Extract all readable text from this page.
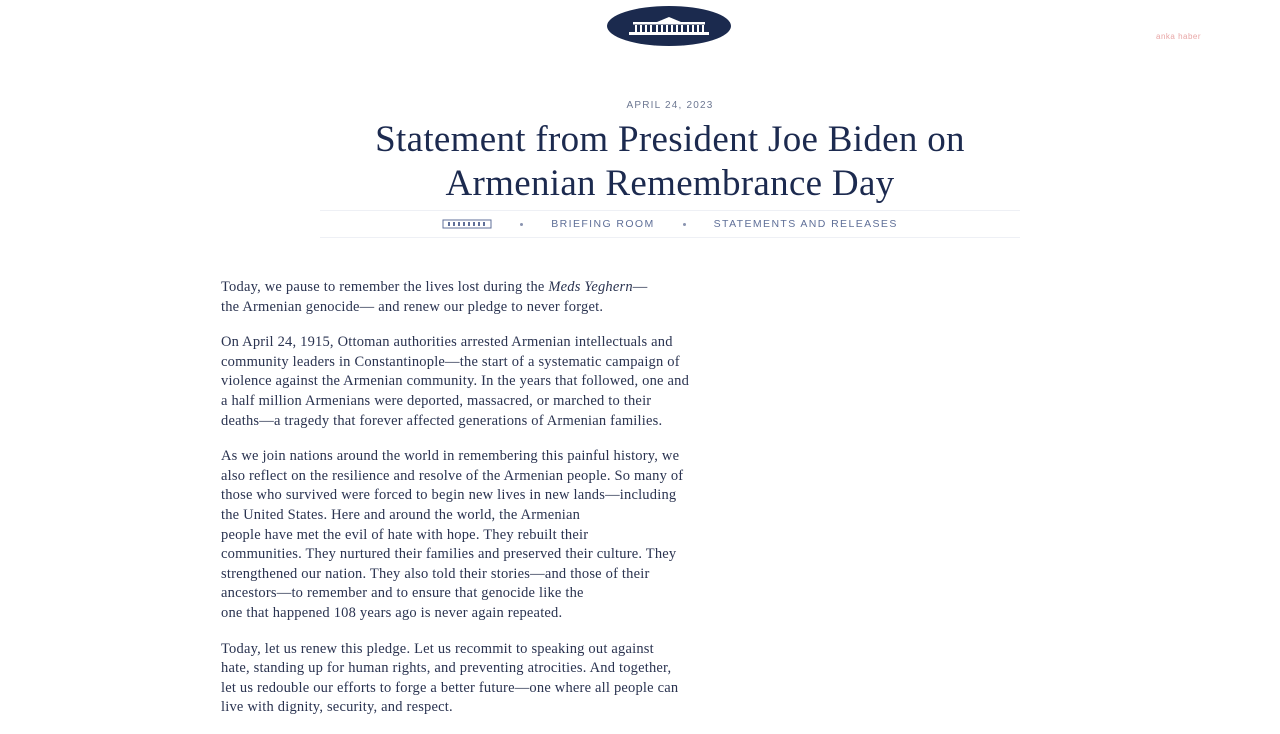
anka haber
APRIL 24, 2023
Statement from President Joe Biden on
Armenian Remembrance Day
BRIEFING ROOM	STATEMENTS AND RELEASES

Today, we pause to remember the lives lost during the Meds Yeghern—
the Armenian genocide— and renew our pledge to never forget.

On April 24, 1915, Ottoman authorities arrested Armenian intellectuals and
community leaders in Constantinople—the start of a systematic campaign of
violence against the Armenian community. In the years that followed, one and
a half million Armenians were deported, massacred, or marched to their
deaths—a tragedy that forever affected generations of Armenian families.

As we join nations around the world in remembering this painful history, we
also reflect on the resilience and resolve of the Armenian people. So many of
those who survived were forced to begin new lives in new lands—including
the United States. Here and around the world, the Armenian
people have met the evil of hate with hope. They rebuilt their
communities. They nurtured their families and preserved their culture. They
strengthened our nation. They also told their stories—and those of their
ancestors—to remember and to ensure that genocide like the
one that happened 108 years ago is never again repeated.

Today, let us renew this pledge. Let us recommit to speaking out against
hate, standing up for human rights, and preventing atrocities. And together,
let us redouble our efforts to forge a better future—one where all people can
live with dignity, security, and respect.
